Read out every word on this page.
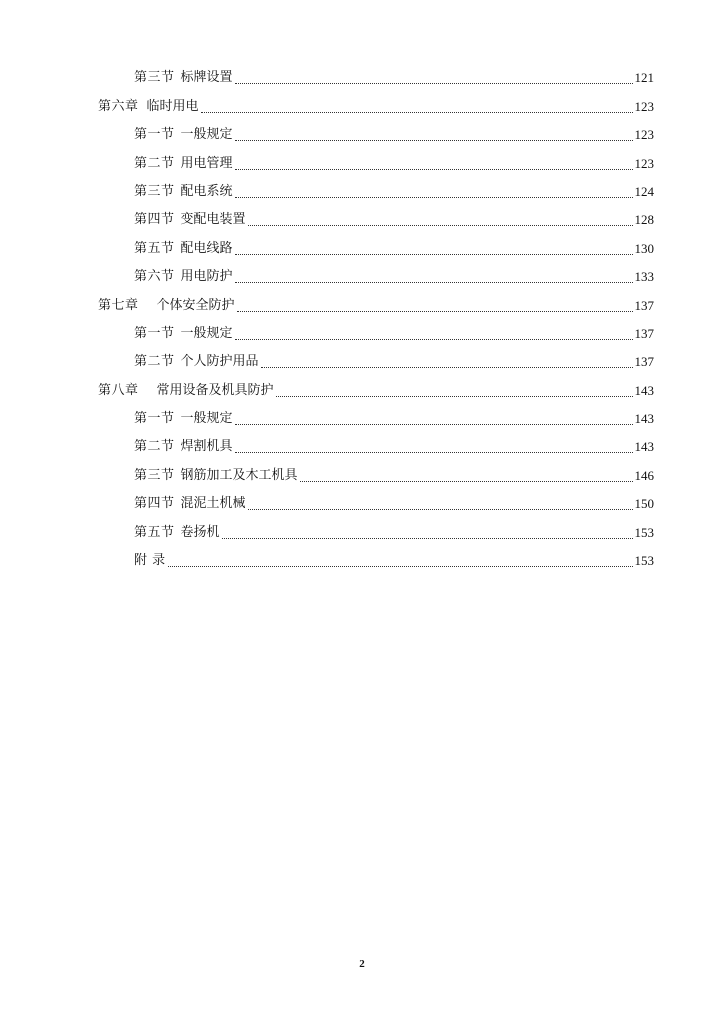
第三节 标牌设置	121
第六章 临时用电	123
第一节 一般规定	123
第二节 用电管理	123
第三节 配电系统	124
第四节 变配电装置	128
第五节 配电线路	130
第六节 用电防护	133
第七章 个体安全防护	137
第一节 一般规定	137
第二节 个人防护用品	137
第八章 常用设备及机具防护	143
第一节 一般规定	143
第二节 焊割机具	143
第三节 钢筋加工及木工机具	146
第四节 混泥土机械	150
第五节 卷扬机	153
附 录	153
2
